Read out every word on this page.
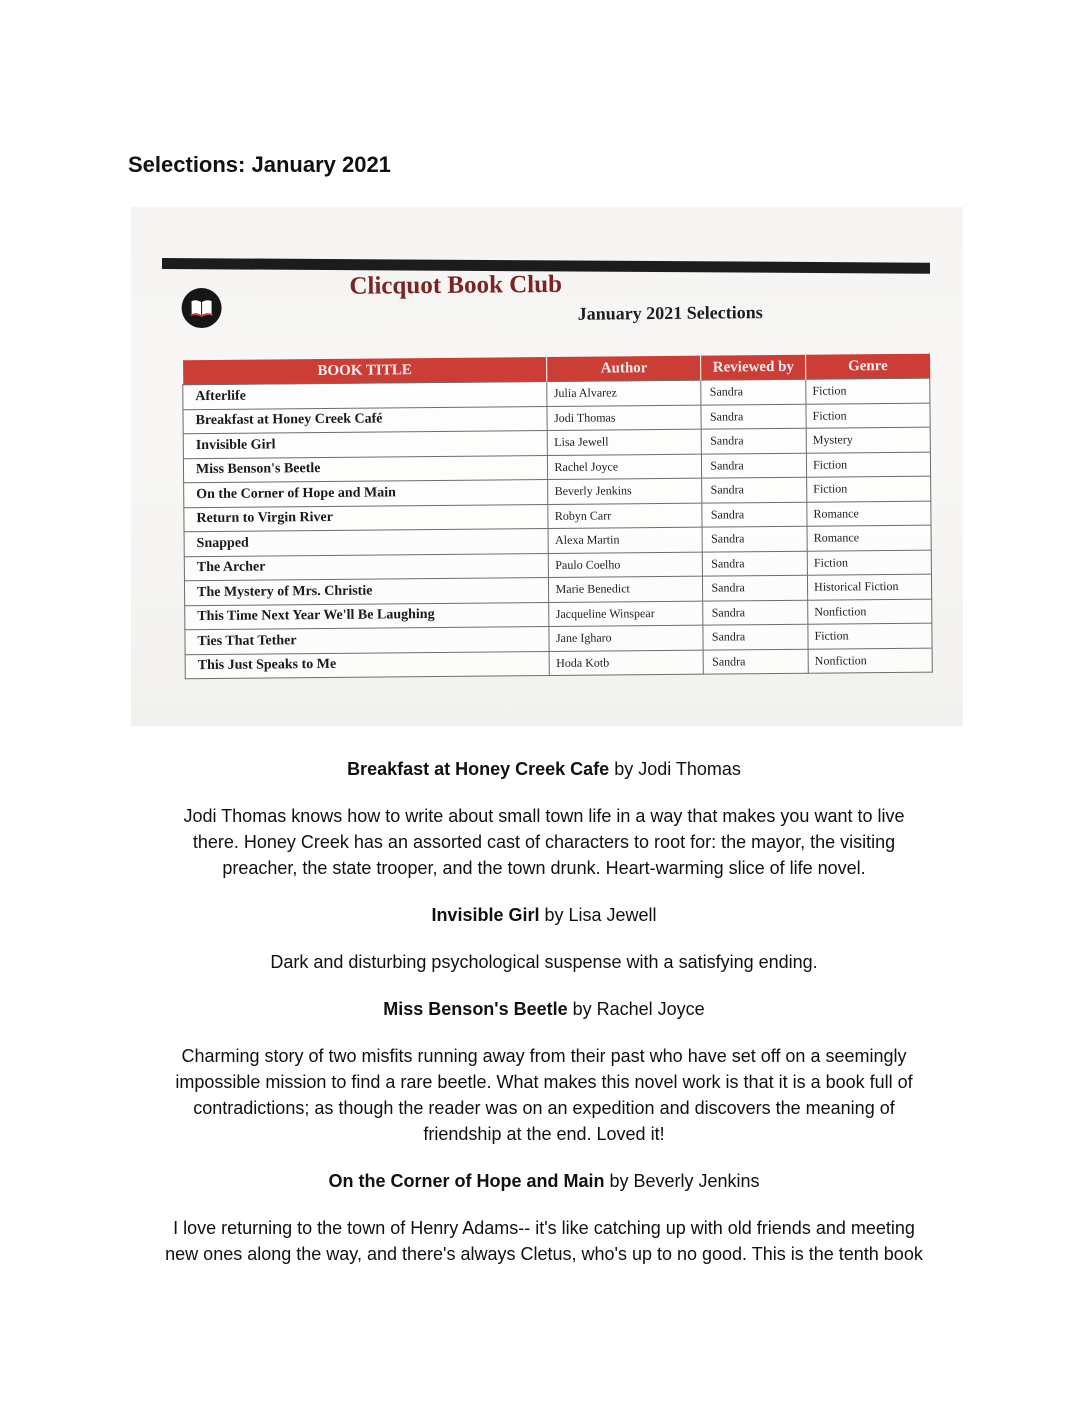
Selections: January 2021
Clicquot Book Club
January 2021 Selections
BOOK TITLE	Author	Reviewed by	Genre
Afterlife	Julia Alvarez	Sandra	Fiction
Breakfast at Honey Creek Café	Jodi Thomas	Sandra	Fiction
Invisible Girl	Lisa Jewell	Sandra	Mystery
Miss Benson's Beetle	Rachel Joyce	Sandra	Fiction
On the Corner of Hope and Main	Beverly Jenkins	Sandra	Fiction
Return to Virgin River	Robyn Carr	Sandra	Romance
Snapped	Alexa Martin	Sandra	Romance
The Archer	Paulo Coelho	Sandra	Fiction
The Mystery of Mrs. Christie	Marie Benedict	Sandra	Historical Fiction
This Time Next Year We'll Be Laughing	Jacqueline Winspear	Sandra	Nonfiction
Ties That Tether	Jane Igharo	Sandra	Fiction
This Just Speaks to Me	Hoda Kotb	Sandra	Nonfiction

Breakfast at Honey Creek Cafe by Jodi Thomas

Jodi Thomas knows how to write about small town life in a way that makes you want to live

there. Honey Creek has an assorted cast of characters to root for: the mayor, the visiting

preacher, the state trooper, and the town drunk. Heart-warming slice of life novel.

Invisible Girl by Lisa Jewell

Dark and disturbing psychological suspense with a satisfying ending.

Miss Benson's Beetle by Rachel Joyce

Charming story of two misfits running away from their past who have set off on a seemingly

impossible mission to find a rare beetle. What makes this novel work is that it is a book full of

contradictions; as though the reader was on an expedition and discovers the meaning of

friendship at the end. Loved it!

On the Corner of Hope and Main by Beverly Jenkins

I love returning to the town of Henry Adams-- it's like catching up with old friends and meeting

new ones along the way, and there's always Cletus, who's up to no good. This is the tenth book
